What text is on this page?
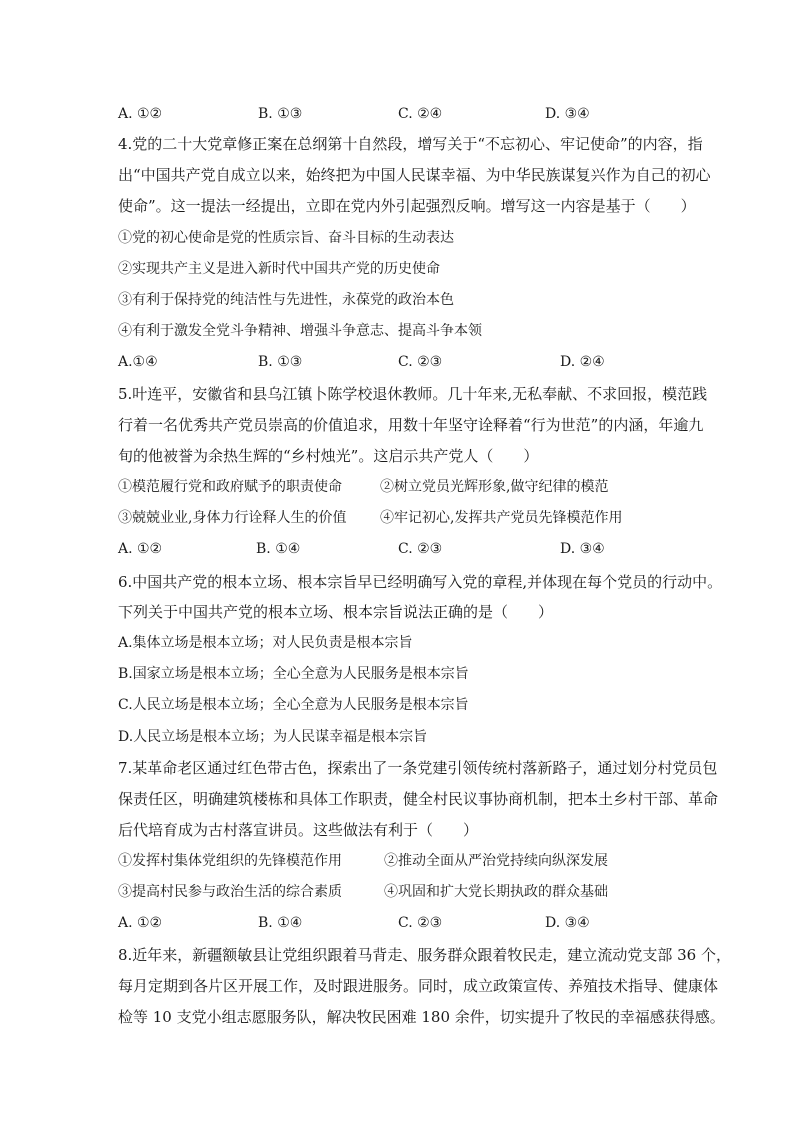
A. ①②	B. ①③	C. ②④	D. ③④
4.党的二十大党章修正案在总纲第十自然段，增写关于“不忘初心、牢记使命”的内容，指
出“中国共产党自成立以来，始终把为中国人民谋幸福、为中华民族谋复兴作为自己的初心
使命”。这一提法一经提出，立即在党内外引起强烈反响。增写这一内容是基于（　　）
①党的初心使命是党的性质宗旨、奋斗目标的生动表达
②实现共产主义是进入新时代中国共产党的历史使命
③有利于保持党的纯洁性与先进性，永葆党的政治本色
④有利于激发全党斗争精神、增强斗争意志、提高斗争本领
A.①④	B. ①③	C. ②③	D. ②④
5.叶连平，安徽省和县乌江镇卜陈学校退休教师。几十年来,无私奉献、不求回报，模范践
行着一名优秀共产党员崇高的价值追求，用数十年坚守诠释着“行为世范”的内涵，年逾九
旬的他被誉为余热生辉的“乡村烛光”。这启示共产党人（　　）
①模范履行党和政府赋予的职责使命	②树立党员光辉形象,做守纪律的模范
③兢兢业业,身体力行诠释人生的价值 ④牢记初心,发挥共产党员先锋模范作用
A. ①②	B. ①④	C. ②③	D. ③④
6.中国共产党的根本立场、根本宗旨早已经明确写入党的章程,并体现在每个党员的行动中。
下列关于中国共产党的根本立场、根本宗旨说法正确的是（　　）
A.集体立场是根本立场；对人民负责是根本宗旨
B.国家立场是根本立场；全心全意为人民服务是根本宗旨
C.人民立场是根本立场；全心全意为人民服务是根本宗旨
D.人民立场是根本立场；为人民谋幸福是根本宗旨
7.某革命老区通过红色带古色，探索出了一条党建引领传统村落新路子，通过划分村党员包
保责任区，明确建筑楼栋和具体工作职责，健全村民议事协商机制，把本土乡村干部、革命
后代培育成为古村落宣讲员。这些做法有利于（　　）
①发挥村集体党组织的先锋模范作用	②推动全面从严治党持续向纵深发展
③提高村民参与政治生活的综合素质	④巩固和扩大党长期执政的群众基础
A. ①②	B. ①④	C. ②③	D. ③④
8.近年来，新疆额敏县让党组织跟着马背走、服务群众跟着牧民走，建立流动党支部 36 个，
每月定期到各片区开展工作，及时跟进服务。同时，成立政策宣传、养殖技术指导、健康体
检等 10 支党小组志愿服务队，解决牧民困难 180 余件，切实提升了牧民的幸福感获得感。
